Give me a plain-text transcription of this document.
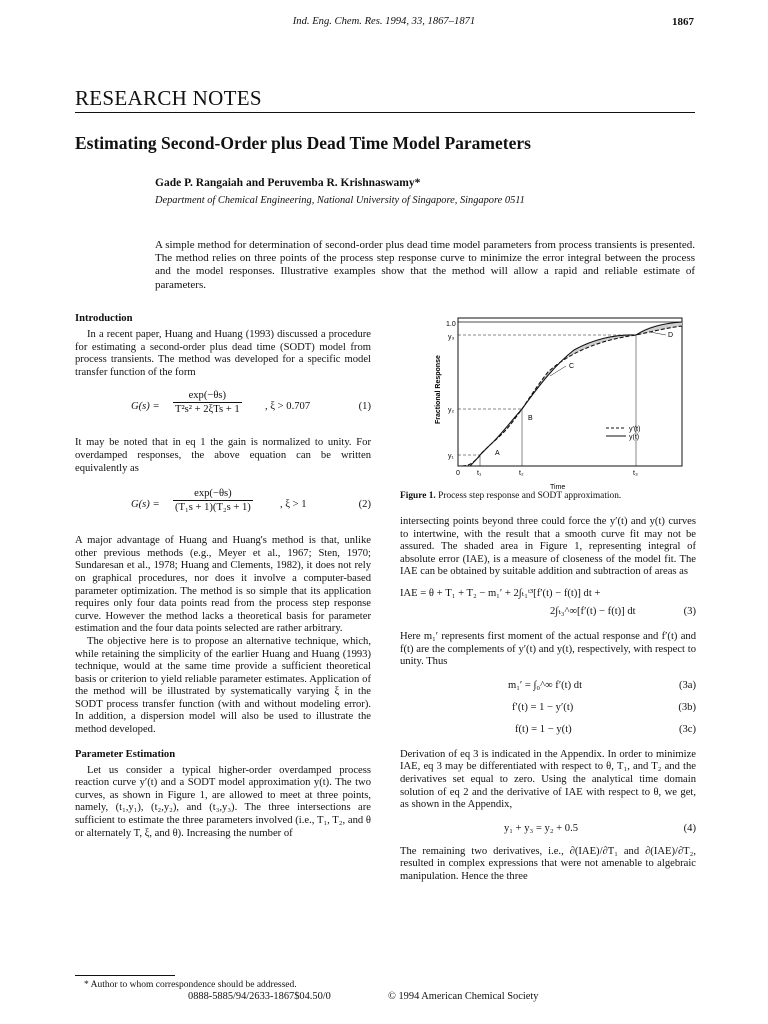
Ind. Eng. Chem. Res. 1994, 33, 1867–1871	1867
RESEARCH NOTES
Estimating Second-Order plus Dead Time Model Parameters
Gade P. Rangaiah and Peruvemba R. Krishnaswamy*
Department of Chemical Engineering, National University of Singapore, Singapore 0511

A simple method for determination of second-order plus dead time model parameters from process transients is presented. The method relies on three points of the process step response curve to minimize the error integral between the process and the model responses. Illustrative examples show that the method will allow a rapid and reliable estimate of parameters.

Introduction

In a recent paper, Huang and Huang (1993) discussed a procedure for estimating a second-order plus dead time (SODT) model from process transients. The method was developed for a specific model transfer function of the form

G(s) =
exp(−θs)
T²s² + 2ξTs + 1 , ξ > 0.707	(1)

It may be noted that in eq 1 the gain is normalized to unity. For overdamped responses, the above equation can be written equivalently as

$G(s) = \frac{\exp(-\theta s)}{\text{(T₁s + 1)(T₂s + 1)}}$	, ξ > 1	(2)

A major advantage of Huang and Huang's method is that, unlike other previous methods (e.g., Meyer et al., 1967; Sten, 1970; Sundaresan et al., 1978; Huang and Clements, 1982), it does not rely on graphical procedures, nor does it involve a computer-based parameter optimization. The method is so simple that its application requires only four data points read from the process step response curve. However the method lacks a theoretical basis for parameter estimation and the four data points selected are rather arbitrary.

The objective here is to propose an alternative technique, which, while retaining the simplicity of the earlier Huang and Huang (1993) technique, would at the same time provide a sufficient theoretical basis or criterion to yield reliable parameter estimates. Application of the method will be illustrated by systematically varying ξ in the SODT process transfer function (with and without modeling error). In addition, a dispersion model will also be used to illustrate the method developed.

Parameter Estimation

Let us consider a typical higher-order overdamped process reaction curve y′(t) and a SODT model approximation y(t). The two curves, as shown in Figure 1, are allowed to meet at three points, namely, (t₁,y₁), (t₂,y₂), and (t₃,y₃). The three intersections are sufficient to estimate the three parameters involved (i.e., T₁, T₂, and θ or alternately T, ξ, and θ). Increasing the number of

* Author to whom correspondence should be addressed.
A
B
C
D
1.0
y₃
y₂
y₁
0 t₁	t₂	t₃
Time
Fractional Response
y′(t)
y(t)
Figure 1. Process step response and SODT approximation.

intersecting points beyond three could force the y′(t) and y(t) curves to intertwine, with the result that a smooth curve fit may not be assured. The shaded area in Figure 1, representing integral of absolute error (IAE), is a measure of closeness of the model fit. The IAE can be obtained by suitable addition and subtraction of areas as

IAE = θ + T₁ + T₂ − m₁′ + 2∫ₜ₁ᵗ³[f′(t) − f(t)] dt +
2∫ₜ₃^∞[f′(t) − f(t)] dt	(3)

Here m₁′ represents first moment of the actual response and f′(t) and f(t) are the complements of y′(t) and y(t), respectively, with respect to unity. Thus

m₁′ = ∫₀^∞ f′(t) dt	(3a)
f′(t) = 1 − y′(t)	(3b)
f(t) = 1 − y(t)	(3c)

Derivation of eq 3 is indicated in the Appendix. In order to minimize IAE, eq 3 may be differentiated with respect to θ, T₁, and T₂ and the derivatives set equal to zero. Using the analytical time domain solution of eq 2 and the derivative of IAE with respect to θ, we get, as shown in the Appendix,

y₁ + y₃ = y₂ + 0.5	(4)

The remaining two derivatives, i.e., ∂(IAE)/∂T₁ and ∂(IAE)/∂T₂, resulted in complex expressions that were not amenable to algebraic manipulation. Hence the three

0888-5885/94/2633-1867$04.50/0	© 1994 American Chemical Society
